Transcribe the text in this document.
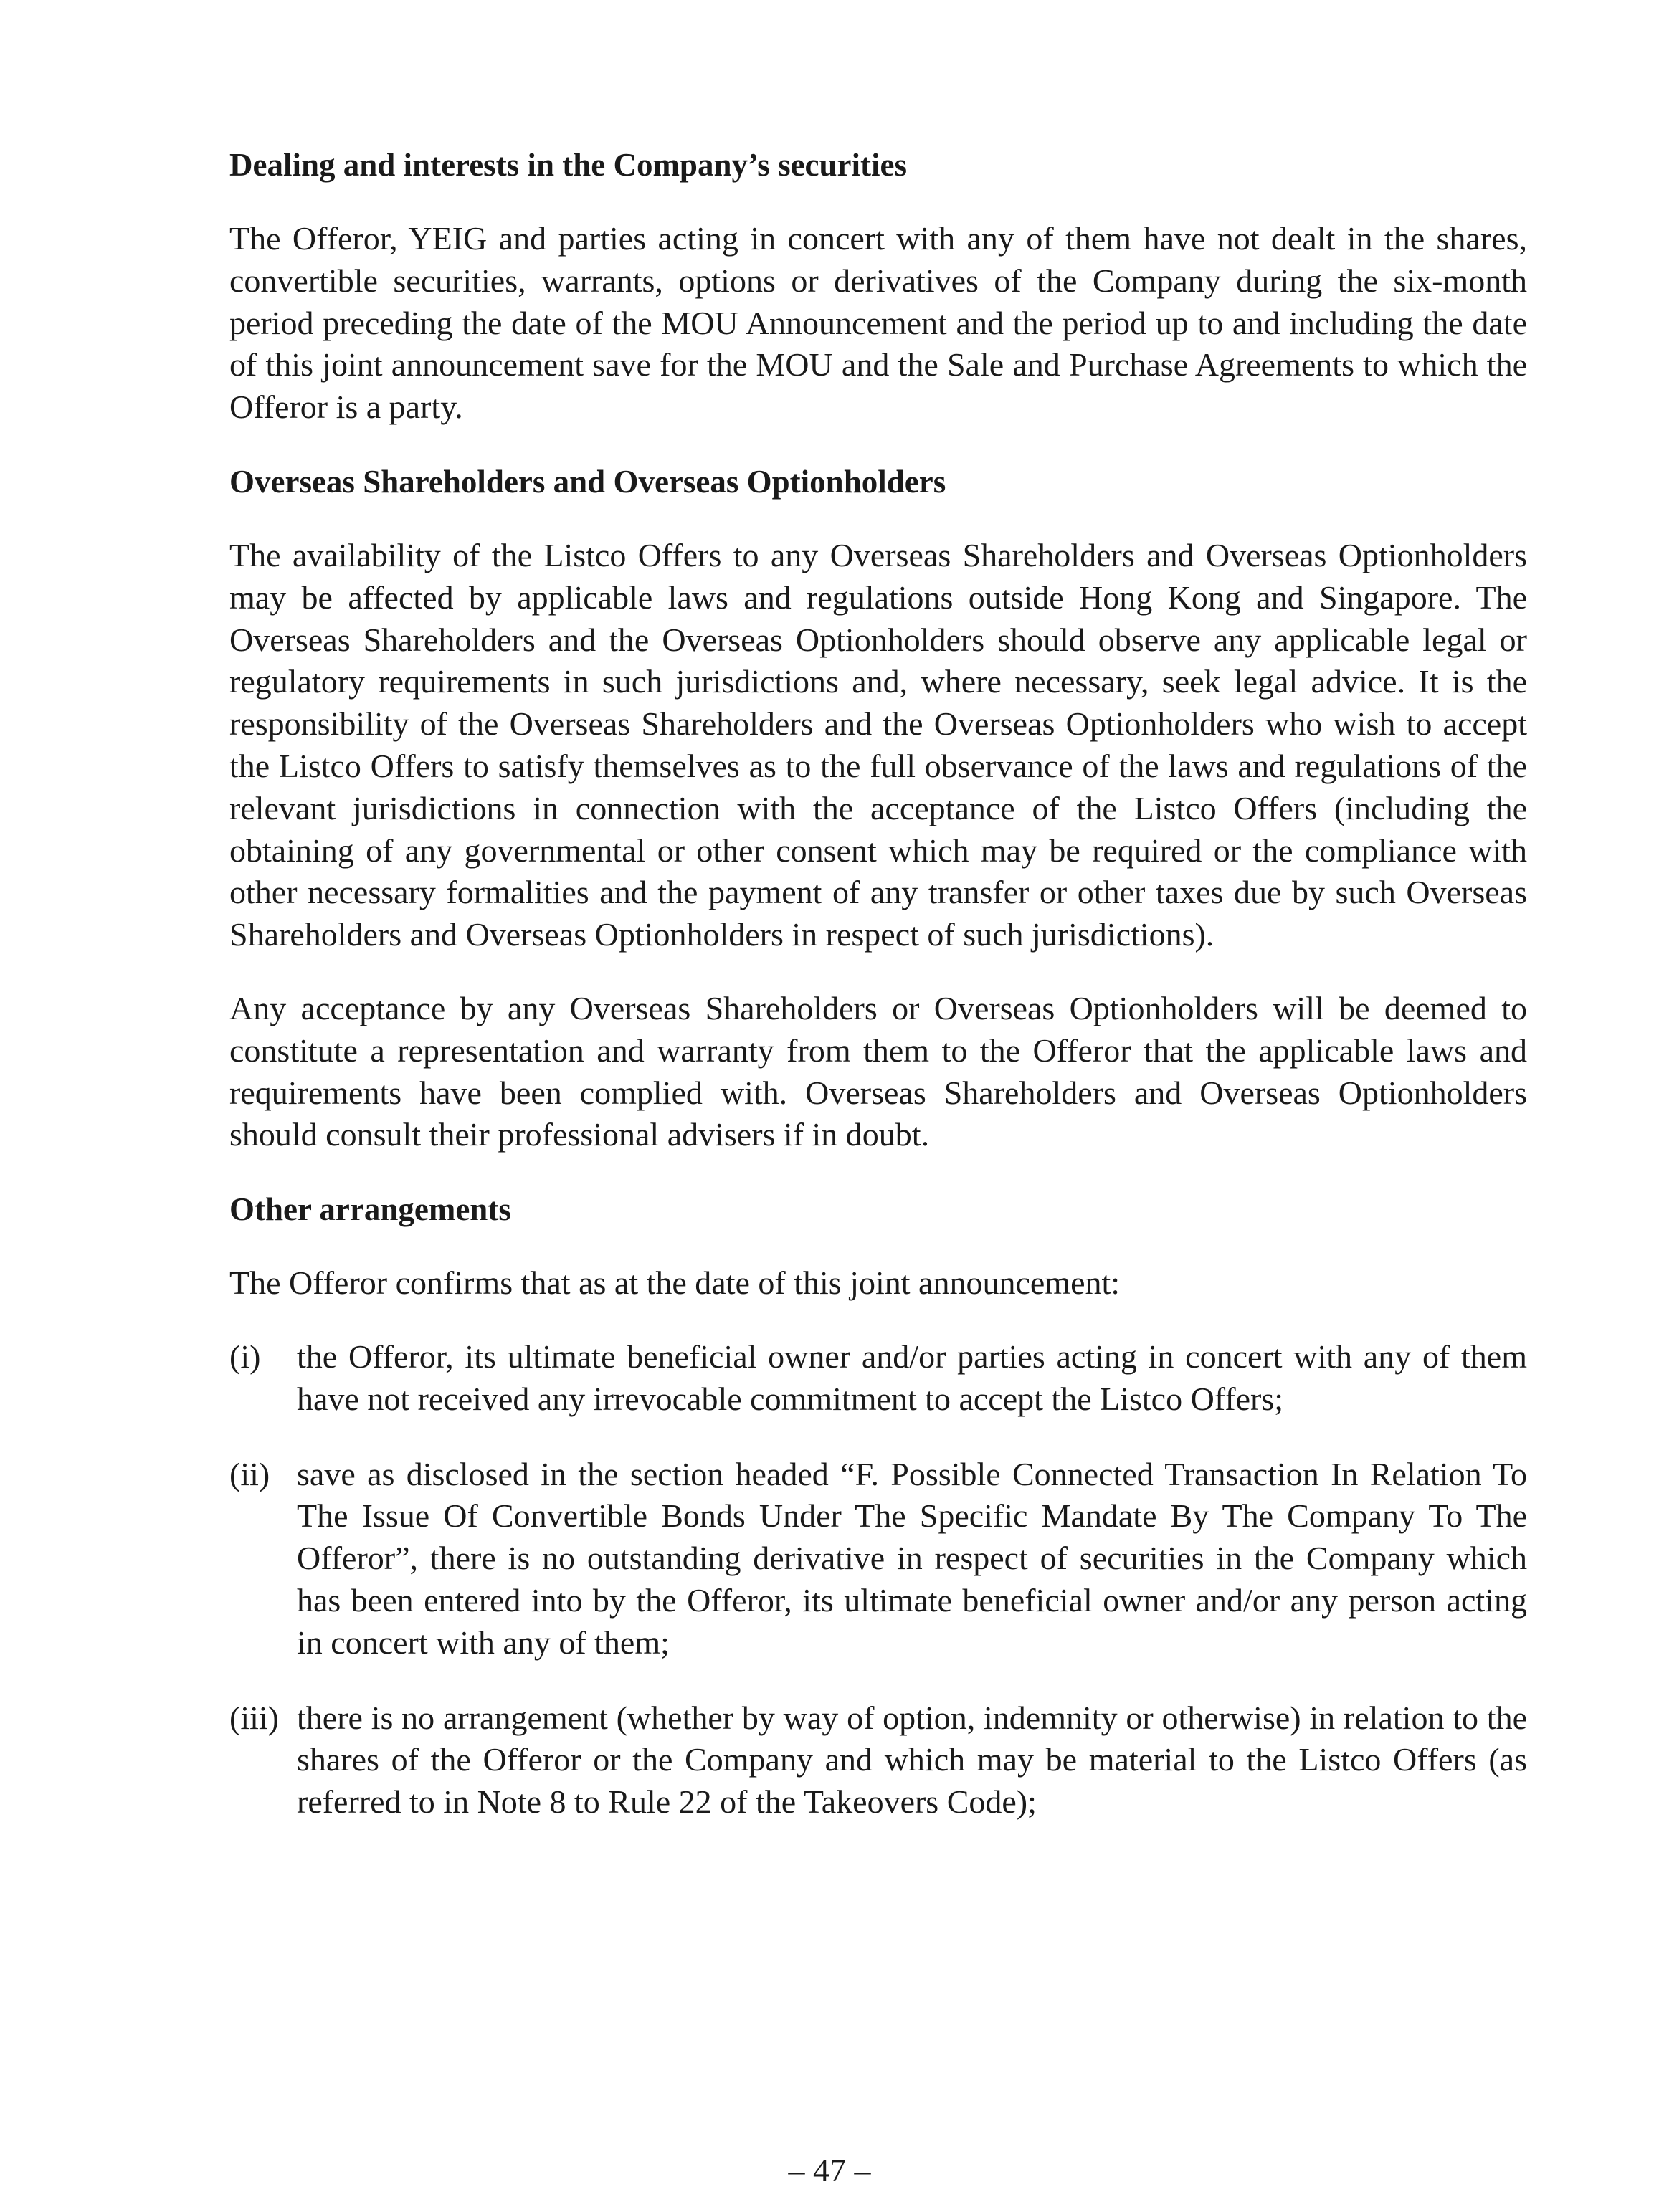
Dealing and interests in the Company’s securities

The Offeror, YEIG and parties acting in concert with any of them have not dealt in the shares, convertible securities, warrants, options or derivatives of the Company during the six-month period preceding the date of the MOU Announcement and the period up to and including the date of this joint announcement save for the MOU and the Sale and Purchase Agreements to which the Offeror is a party.

Overseas Shareholders and Overseas Optionholders

The availability of the Listco Offers to any Overseas Shareholders and Overseas Optionholders may be affected by applicable laws and regulations outside Hong Kong and Singapore. The Overseas Shareholders and the Overseas Optionholders should observe any applicable legal or regulatory requirements in such jurisdictions and, where necessary, seek legal advice. It is the responsibility of the Overseas Shareholders and the Overseas Optionholders who wish to accept the Listco Offers to satisfy themselves as to the full observance of the laws and regulations of the relevant jurisdictions in connection with the acceptance of the Listco Offers (including the obtaining of any governmental or other consent which may be required or the compliance with other necessary formalities and the payment of any transfer or other taxes due by such Overseas Shareholders and Overseas Optionholders in respect of such jurisdictions).

Any acceptance by any Overseas Shareholders or Overseas Optionholders will be deemed to constitute a representation and warranty from them to the Offeror that the applicable laws and requirements have been complied with. Overseas Shareholders and Overseas Optionholders should consult their professional advisers if in doubt.

Other arrangements

The Offeror confirms that as at the date of this joint announcement:

(i) the Offeror, its ultimate beneficial owner and/or parties acting in concert with any of them have not received any irrevocable commitment to accept the Listco Offers;
(ii) save as disclosed in the section headed “F. Possible Connected Transaction In Relation To The Issue Of Convertible Bonds Under The Specific Mandate By The Company To The Offeror”, there is no outstanding derivative in respect of securities in the Company which has been entered into by the Offeror, its ultimate beneficial owner and/or any person acting in concert with any of them;
(iii) there is no arrangement (whether by way of option, indemnity or otherwise) in relation to the shares of the Offeror or the Company and which may be material to the Listco Offers (as referred to in Note 8 to Rule 22 of the Takeovers Code);
– 47 –
